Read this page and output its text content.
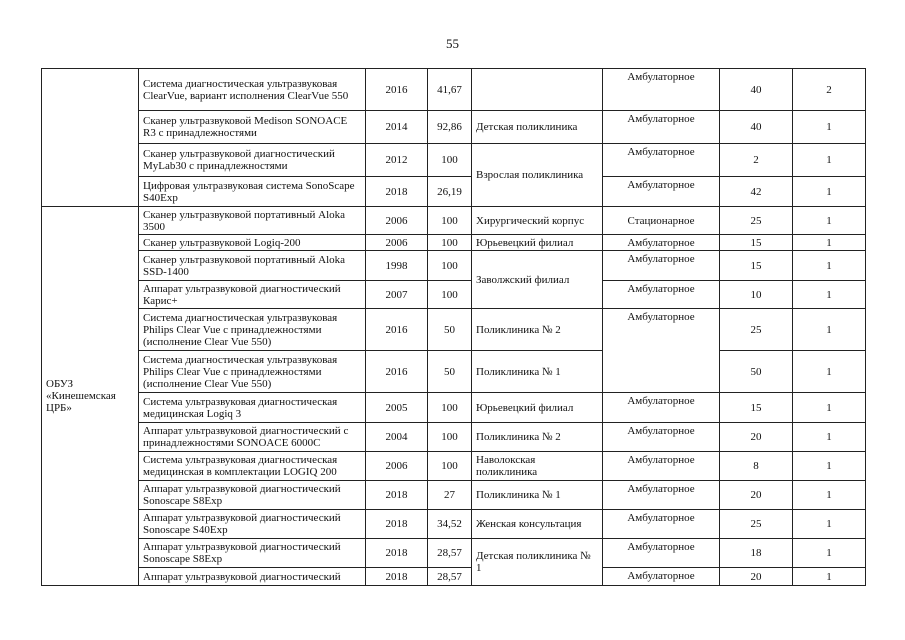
55
	Система диагностическая ультразвуковая ClearVue, вариант исполнения ClearVue 550	2016	41,67		Амбулаторное	40	2
	Сканер ультразвуковой Medison SONOACE R3 с принадлежностями	2014	92,86	Детская поликлиника	Амбулаторное	40	1
	Сканер ультразвуковой диагностический MyLab30 с принадлежностями	2012	100	Взрослая поликлиника	Амбулаторное	2	1
	Цифровая ультразвуковая система SonoScape S40Exp	2018	26,19		Амбулаторное	42	1
ОБУЗ «Кинешемская ЦРБ»	Сканер ультразвуковой портативный Aloka 3500	2006	100	Хирургический корпус	Стационарное	25	1
	Сканер ультразвуковой Logiq-200	2006	100	Юрьевецкий филиал	Амбулаторное	15	1
	Сканер ультразвуковой портативный Aloka SSD-1400	1998	100	Заволжский филиал	Амбулаторное	15	1
	Аппарат ультразвуковой диагностический Карис+	2007	100		Амбулаторное	10	1
	Система диагностическая ультразвуковая Philips Clear Vue с принадлежностями (исполнение Clear Vue 550)	2016	50	Поликлиника № 2	Амбулаторное	25	1
	Система диагностическая ультразвуковая Philips Clear Vue с принадлежностями (исполнение Clear Vue 550)	2016	50	Поликлиника № 1		50	1
	Система ультразвуковая диагностическая медицинская Logiq 3	2005	100	Юрьевецкий филиал	Амбулаторное	15	1
	Аппарат ультразвуковой диагностический с принадлежностями SONOACE 6000C	2004	100	Поликлиника № 2	Амбулаторное	20	1
	Система ультразвуковая диагностическая медицинская в комплектации LOGIQ 200	2006	100	Наволокская поликлиника	Амбулаторное	8	1
	Аппарат ультразвуковой диагностический Sonoscape S8Exp	2018	27	Поликлиника № 1	Амбулаторное	20	1
	Аппарат ультразвуковой диагностический Sonoscape S40Exp	2018	34,52	Женская консультация	Амбулаторное	25	1
	Аппарат ультразвуковой диагностический Sonoscape S8Exp	2018	28,57	Детская поликлиника № 1	Амбулаторное	18	1
	Аппарат ультразвуковой диагностический	2018	28,57		Амбулаторное	20	1
